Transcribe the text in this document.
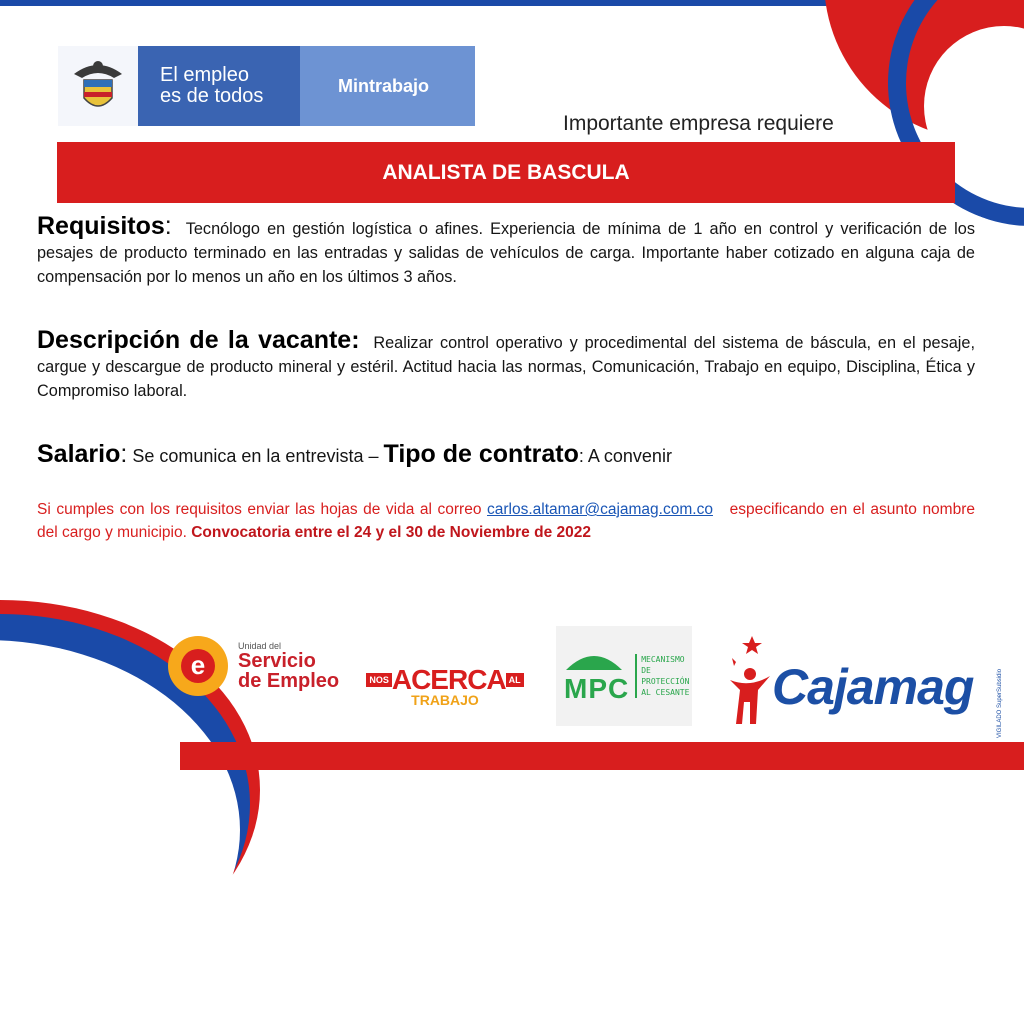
El empleo
es de todos	Mintrabajo
Importante empresa requiere
ANALISTA DE BASCULA
Requisitos: Tecnólogo en gestión logística o afines. Experiencia de mínima de 1 año en control y verificación de los pesajes de producto terminado en las entradas y salidas de vehículos de carga. Importante haber cotizado en alguna caja de compensación por lo menos un año en los últimos 3 años.
Descripción de la vacante: Realizar control operativo y procedimental del sistema de báscula, en el pesaje, cargue y descargue de producto mineral y estéril. Actitud hacia las normas, Comunicación, Trabajo en equipo, Disciplina, Ética y Compromiso laboral.
Salario: Se comunica en la entrevista – Tipo de contrato: A convenir
Si cumples con los requisitos enviar las hojas de vida al correo carlos.altamar@cajamag.com.co especificando en el asunto nombre del cargo y municipio. Convocatoria entre el 24 y el 30 de Noviembre de 2022
e
Unidad del
Servicio
de Empleo	NOS ACERCA AL
TRABAJO	MPC
MECANISMO DE
PROTECCIÓN
AL CESANTE Cajamag	VIGILADO SuperSubsidio
